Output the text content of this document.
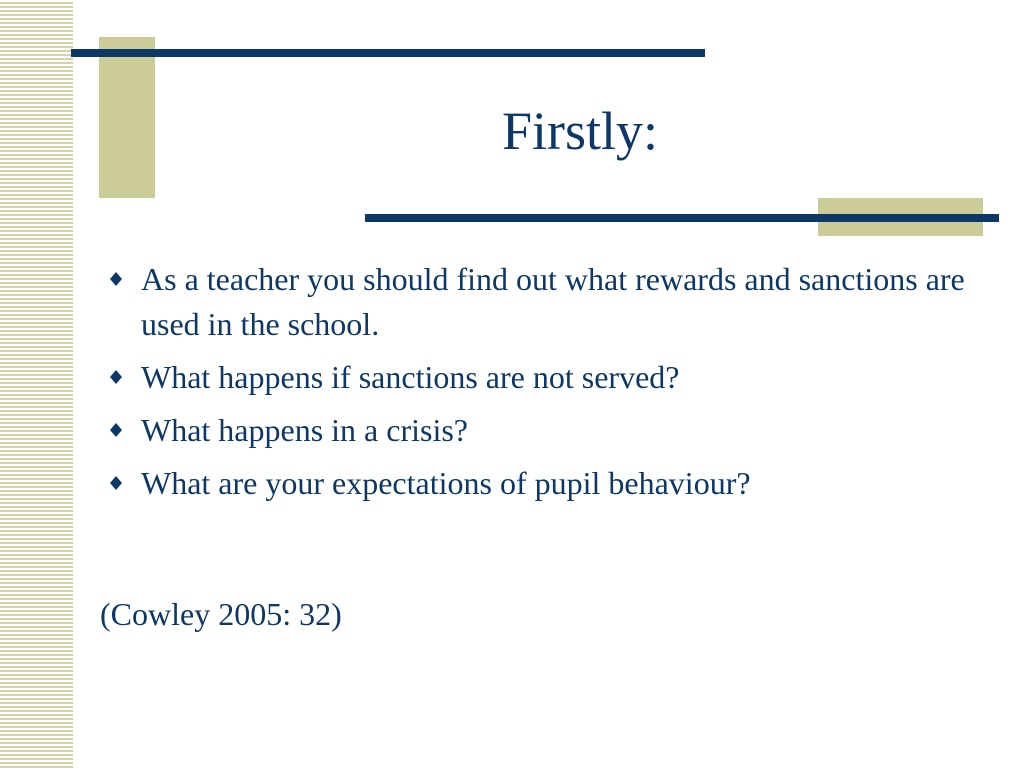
Firstly:
As a teacher you should find out what rewards and sanctions are used in the school.
What happens if sanctions are not served?
What happens in a crisis?
What are your expectations of pupil behaviour?
(Cowley 2005: 32)
